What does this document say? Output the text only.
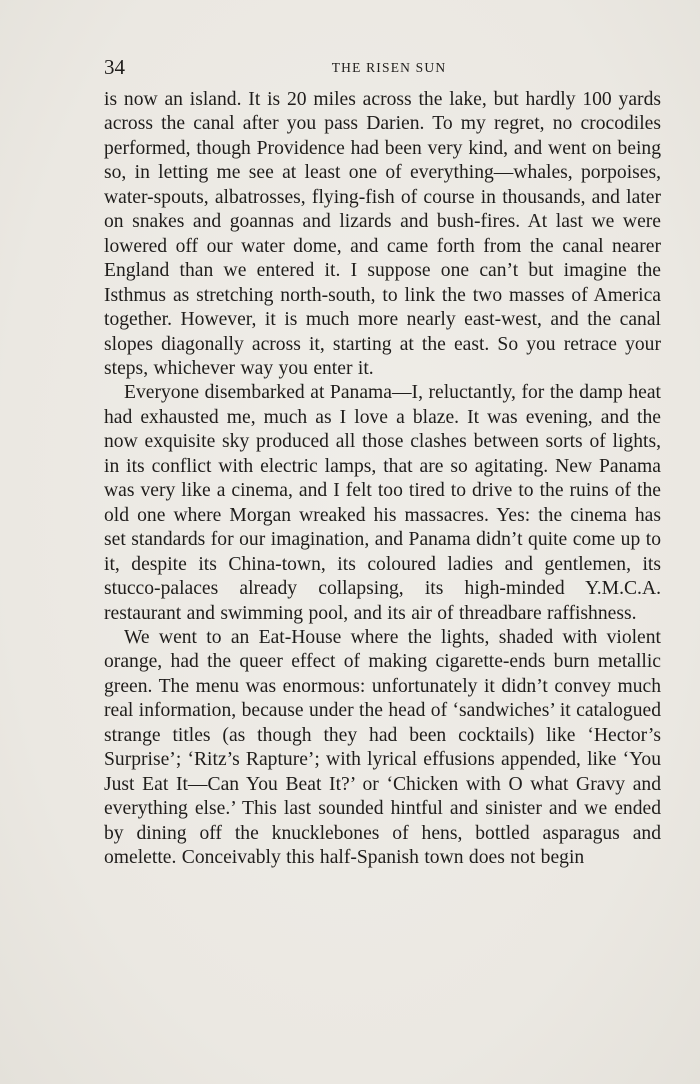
34	THE RISEN SUN

is now an island. It is 20 miles across the lake, but hardly 100 yards across the canal after you pass Darien. To my regret, no crocodiles performed, though Providence had been very kind, and went on being so, in letting me see at least one of everything—whales, porpoises, water-spouts, albatrosses, flying-fish of course in thousands, and later on snakes and goannas and lizards and bush-fires. At last we were lowered off our water dome, and came forth from the canal nearer England than we entered it. I suppose one can’t but imagine the Isthmus as stretching north-south, to link the two masses of America together. However, it is much more nearly east-west, and the canal slopes diagonally across it, starting at the east. So you retrace your steps, whichever way you enter it.

Everyone disembarked at Panama—I, reluctantly, for the damp heat had exhausted me, much as I love a blaze. It was evening, and the now exquisite sky produced all those clashes between sorts of lights, in its conflict with electric lamps, that are so agitating. New Panama was very like a cinema, and I felt too tired to drive to the ruins of the old one where Morgan wreaked his massacres. Yes: the cinema has set standards for our imagination, and Panama didn’t quite come up to it, despite its China-town, its coloured ladies and gentlemen, its stucco-palaces already collapsing, its high-minded Y.M.C.A. restaurant and swimming pool, and its air of threadbare raffishness.

We went to an Eat-House where the lights, shaded with violent orange, had the queer effect of making cigarette-ends burn metallic green. The menu was enormous: unfortunately it didn’t convey much real information, because under the head of ‘sandwiches’ it catalogued strange titles (as though they had been cocktails) like ‘Hector’s Surprise’; ‘Ritz’s Rapture’; with lyrical effusions appended, like ‘You Just Eat It—Can You Beat It?’ or ‘Chicken with O what Gravy and everything else.’ This last sounded hintful and sinister and we ended by dining off the knucklebones of hens, bottled asparagus and omelette. Conceivably this half-Spanish town does not begin
